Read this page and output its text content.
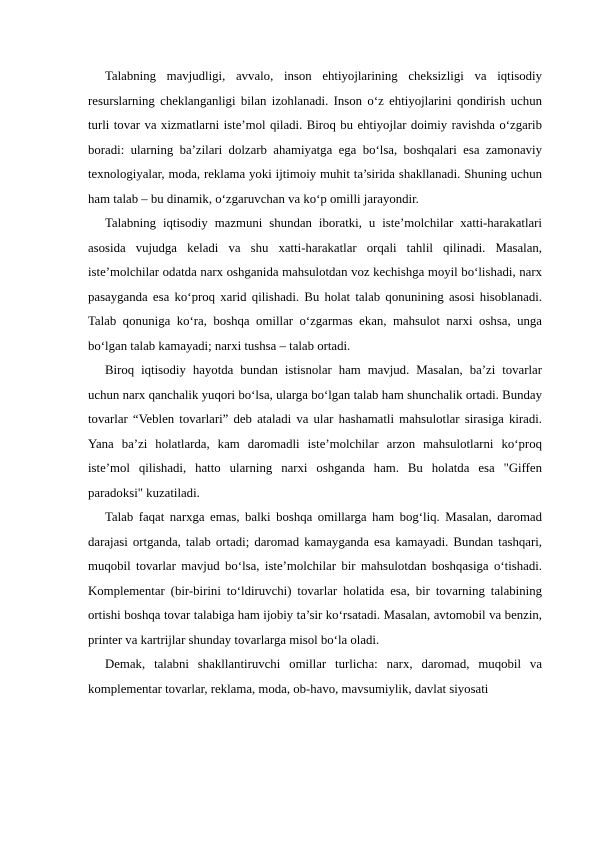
Talabning mavjudligi, avvalo, inson ehtiyojlarining cheksizligi va iqtisodiy resurslarning cheklanganligi bilan izohlanadi. Inson o‘z ehtiyojlarini qondirish uchun turli tovar va xizmatlarni iste’mol qiladi. Biroq bu ehtiyojlar doimiy ravishda o‘zgarib boradi: ularning ba’zilari dolzarb ahamiyatga ega bo‘lsa, boshqalari esa zamonaviy texnologiyalar, moda, reklama yoki ijtimoiy muhit ta’sirida shakllanadi. Shuning uchun ham talab – bu dinamik, o‘zgaruvchan va ko‘p omilli jarayondir.

Talabning iqtisodiy mazmuni shundan iboratki, u iste’molchilar xatti-harakatlari asosida vujudga keladi va shu xatti-harakatlar orqali tahlil qilinadi. Masalan, iste’molchilar odatda narx oshganida mahsulotdan voz kechishga moyil bo‘lishadi, narx pasayganda esa ko‘proq xarid qilishadi. Bu holat talab qonunining asosi hisoblanadi. Talab qonuniga ko‘ra, boshqa omillar o‘zgarmas ekan, mahsulot narxi oshsa, unga bo‘lgan talab kamayadi; narxi tushsa – talab ortadi.

Biroq iqtisodiy hayotda bundan istisnolar ham mavjud. Masalan, ba’zi tovarlar uchun narx qanchalik yuqori bo‘lsa, ularga bo‘lgan talab ham shunchalik ortadi. Bunday tovarlar “Veblen tovarlari” deb ataladi va ular hashamatli mahsulotlar sirasiga kiradi. Yana ba’zi holatlarda, kam daromadli iste’molchilar arzon mahsulotlarni ko‘proq iste’mol qilishadi, hatto ularning narxi oshganda ham. Bu holatda esa "Giffen paradoksi" kuzatiladi.

Talab faqat narxga emas, balki boshqa omillarga ham bog‘liq. Masalan, daromad darajasi ortganda, talab ortadi; daromad kamayganda esa kamayadi. Bundan tashqari, muqobil tovarlar mavjud bo‘lsa, iste’molchilar bir mahsulotdan boshqasiga o‘tishadi. Komplementar (bir-birini to‘ldiruvchi) tovarlar holatida esa, bir tovarning talabining ortishi boshqa tovar talabiga ham ijobiy ta’sir ko‘rsatadi. Masalan, avtomobil va benzin, printer va kartrijlar shunday tovarlarga misol bo‘la oladi.

Demak, talabni shakllantiruvchi omillar turlicha: narx, daromad, muqobil va komplementar tovarlar, reklama, moda, ob-havo, mavsumiylik, davlat siyosati
